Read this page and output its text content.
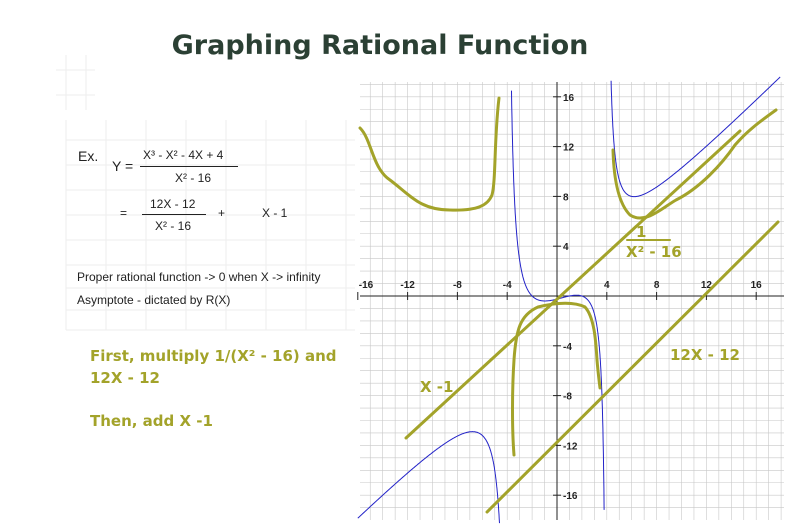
Graphing Rational Function
Ex.
Y =
X³ - X² - 4X + 4
X² - 16
=
12X - 12
X² - 16
+	X - 1
Proper rational function -> 0 when X -> infinity
Asymptote - dictated by R(X)
First, multiply 1/(X² - 16) and
12X - 12
Then, add X -1
-16	-12	-8	-4	4	8	12	16
16
12
8
4
-4
-8
-12
-16
1
X² - 16
X -1
12X - 12
